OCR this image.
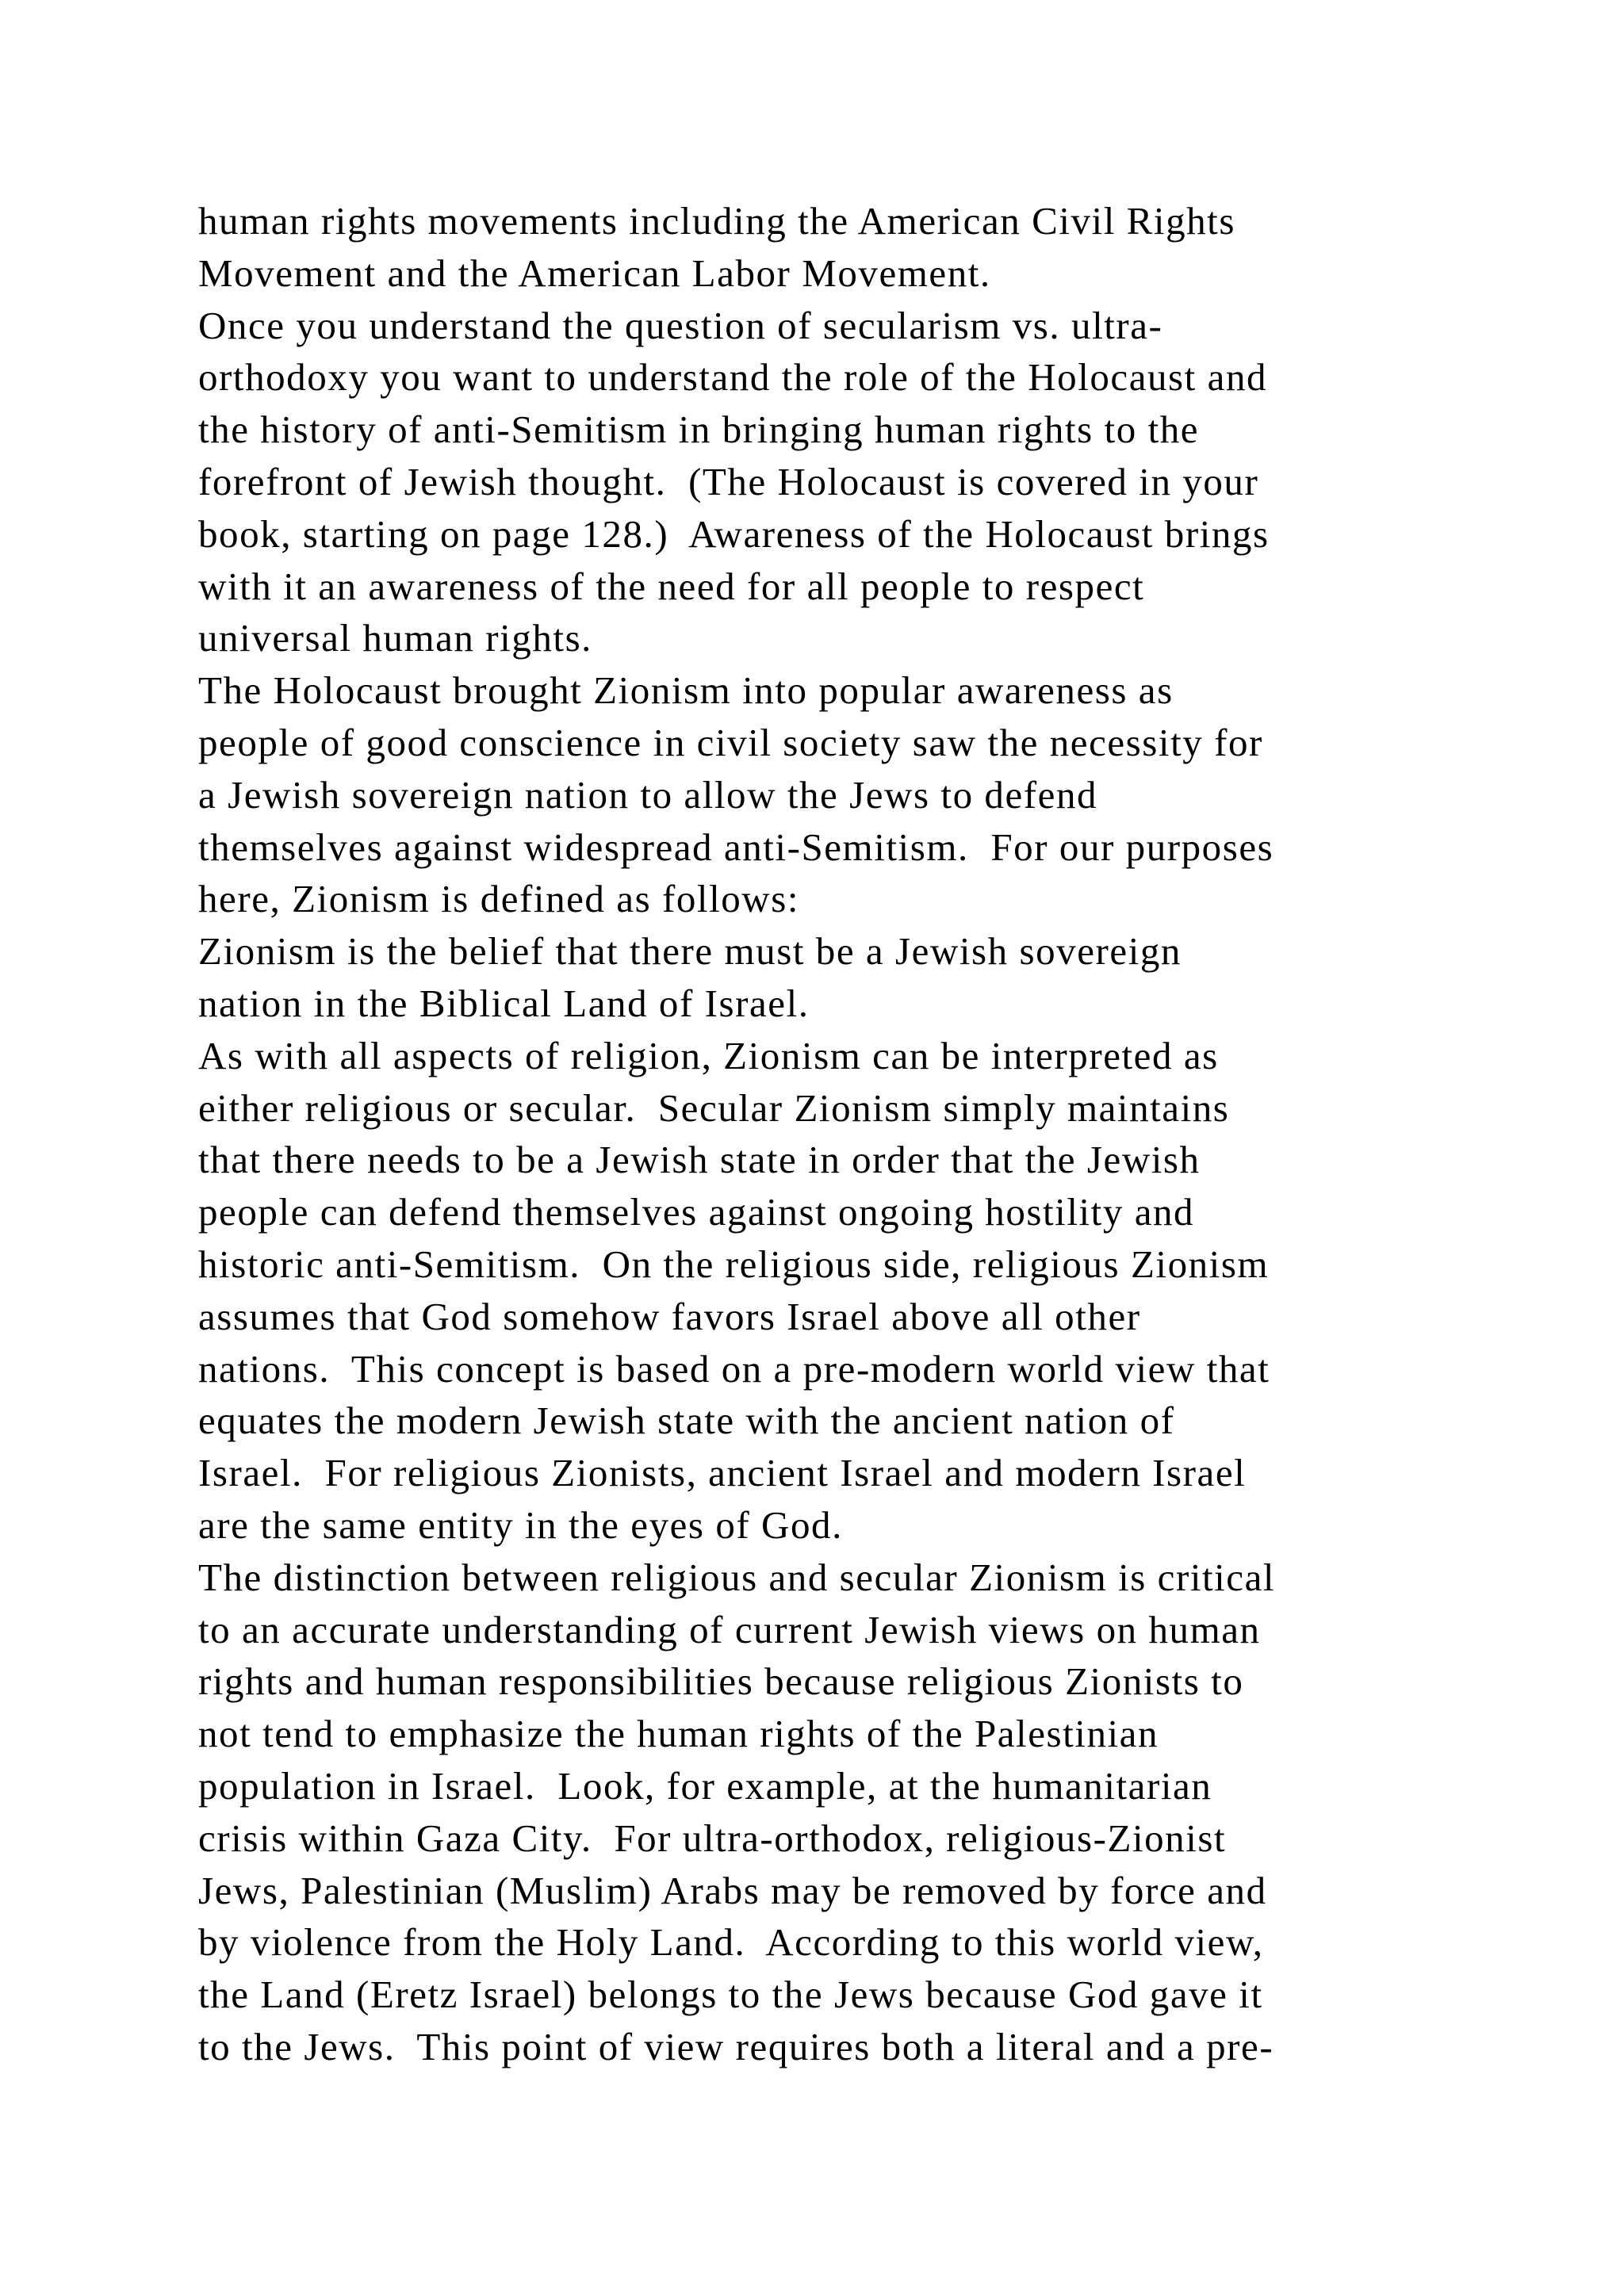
human rights movements including the American Civil Rights
Movement and the American Labor Movement.
Once you understand the question of secularism vs. ultra-
orthodoxy you want to understand the role of the Holocaust and
the history of anti-Semitism in bringing human rights to the
forefront of Jewish thought.  (The Holocaust is covered in your
book, starting on page 128.)  Awareness of the Holocaust brings
with it an awareness of the need for all people to respect
universal human rights.
The Holocaust brought Zionism into popular awareness as
people of good conscience in civil society saw the necessity for
a Jewish sovereign nation to allow the Jews to defend
themselves against widespread anti-Semitism.  For our purposes
here, Zionism is defined as follows:
Zionism is the belief that there must be a Jewish sovereign
nation in the Biblical Land of Israel.
As with all aspects of religion, Zionism can be interpreted as
either religious or secular.  Secular Zionism simply maintains
that there needs to be a Jewish state in order that the Jewish
people can defend themselves against ongoing hostility and
historic anti-Semitism.  On the religious side, religious Zionism
assumes that God somehow favors Israel above all other
nations.  This concept is based on a pre-modern world view that
equates the modern Jewish state with the ancient nation of
Israel.  For religious Zionists, ancient Israel and modern Israel
are the same entity in the eyes of God.
The distinction between religious and secular Zionism is critical
to an accurate understanding of current Jewish views on human
rights and human responsibilities because religious Zionists to
not tend to emphasize the human rights of the Palestinian
population in Israel.  Look, for example, at the humanitarian
crisis within Gaza City.  For ultra-orthodox, religious-Zionist
Jews, Palestinian (Muslim) Arabs may be removed by force and
by violence from the Holy Land.  According to this world view,
the Land (Eretz Israel) belongs to the Jews because God gave it
to the Jews.  This point of view requires both a literal and a pre-
